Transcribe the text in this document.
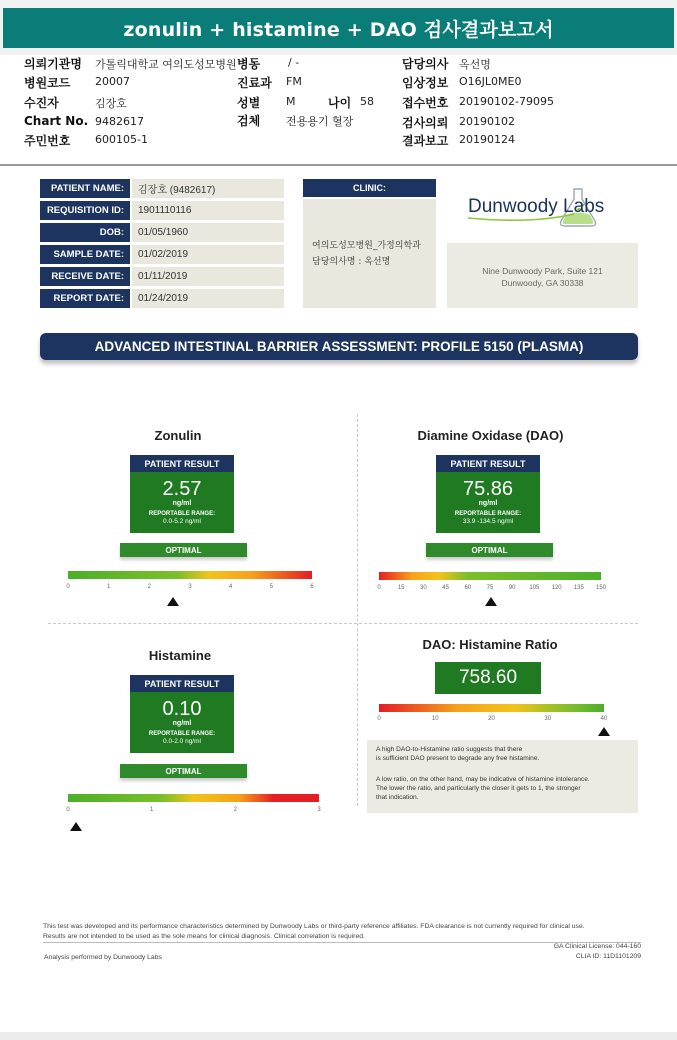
zonulin + histamine + DAO 검사결과보고서
의뢰기관명 가톨릭대학교 여의도성모병원 병동	/ -	담당의사 옥선명
병원코드 20007	진료과 FM	임상정보 O16JL0ME0
수진자	김장호	성별 M	나이 58 접수번호 20190102-79095
Chart No. 9482617	검체 전용용기 혈장	검사의뢰 20190102
주민번호 600105-1	결과보고 20190124
PATIENT NAME:	김장호 (9482617)
REQUISITION ID:	1901110116
DOB:	01/05/1960
SAMPLE DATE:	01/02/2019
RECEIVE DATE:	01/11/2019
REPORT DATE:	01/24/2019
CLINIC:
여의도성모병원_가정의학과
담당의사명 : 옥선명
Dunwoody Labs
Nine Dunwoody Park, Suite 121
Dunwoody, GA 30338
ADVANCED INTESTINAL BARRIER ASSESSMENT: PROFILE 5150 (PLASMA)
Zonulin
PATIENT RESULT
2.57
ng/ml
REPORTABLE RANGE:
0.0-5.2 ng/ml
OPTIMAL
0	1	2	3	4	5	6
Diamine Oxidase (DAO)
PATIENT RESULT
75.86
ng/ml
REPORTABLE RANGE:
33.9 -134.5 ng/ml
OPTIMAL
0	15	30	45	60	75	90	105	120	135	150
Histamine
PATIENT RESULT
0.10
ng/ml
REPORTABLE RANGE:
0.0-2.0 ng/ml
OPTIMAL
0	1	2	3
DAO: Histamine Ratio
758.60
0	10	20	30	40
A high DAO-to-Histamine ratio suggests that there
is sufficient DAO present to degrade any free histamine.
A low ratio, on the other hand, may be indicative of histamine intolerance.
The lower the ratio, and particularly the closer it gets to 1, the stronger
that indication.
This test was developed and its performance characteristics determined by Dunwoody Labs or third-party reference affiliates. FDA clearance is not currently required for clinical use.
Results are not intended to be used as the sole means for clinical diagnosis. Clinical correlation is required.
GA Clinical License: 044-160
CLIA ID: 11D1101209
Analysis performed by Dunwoody Labs
